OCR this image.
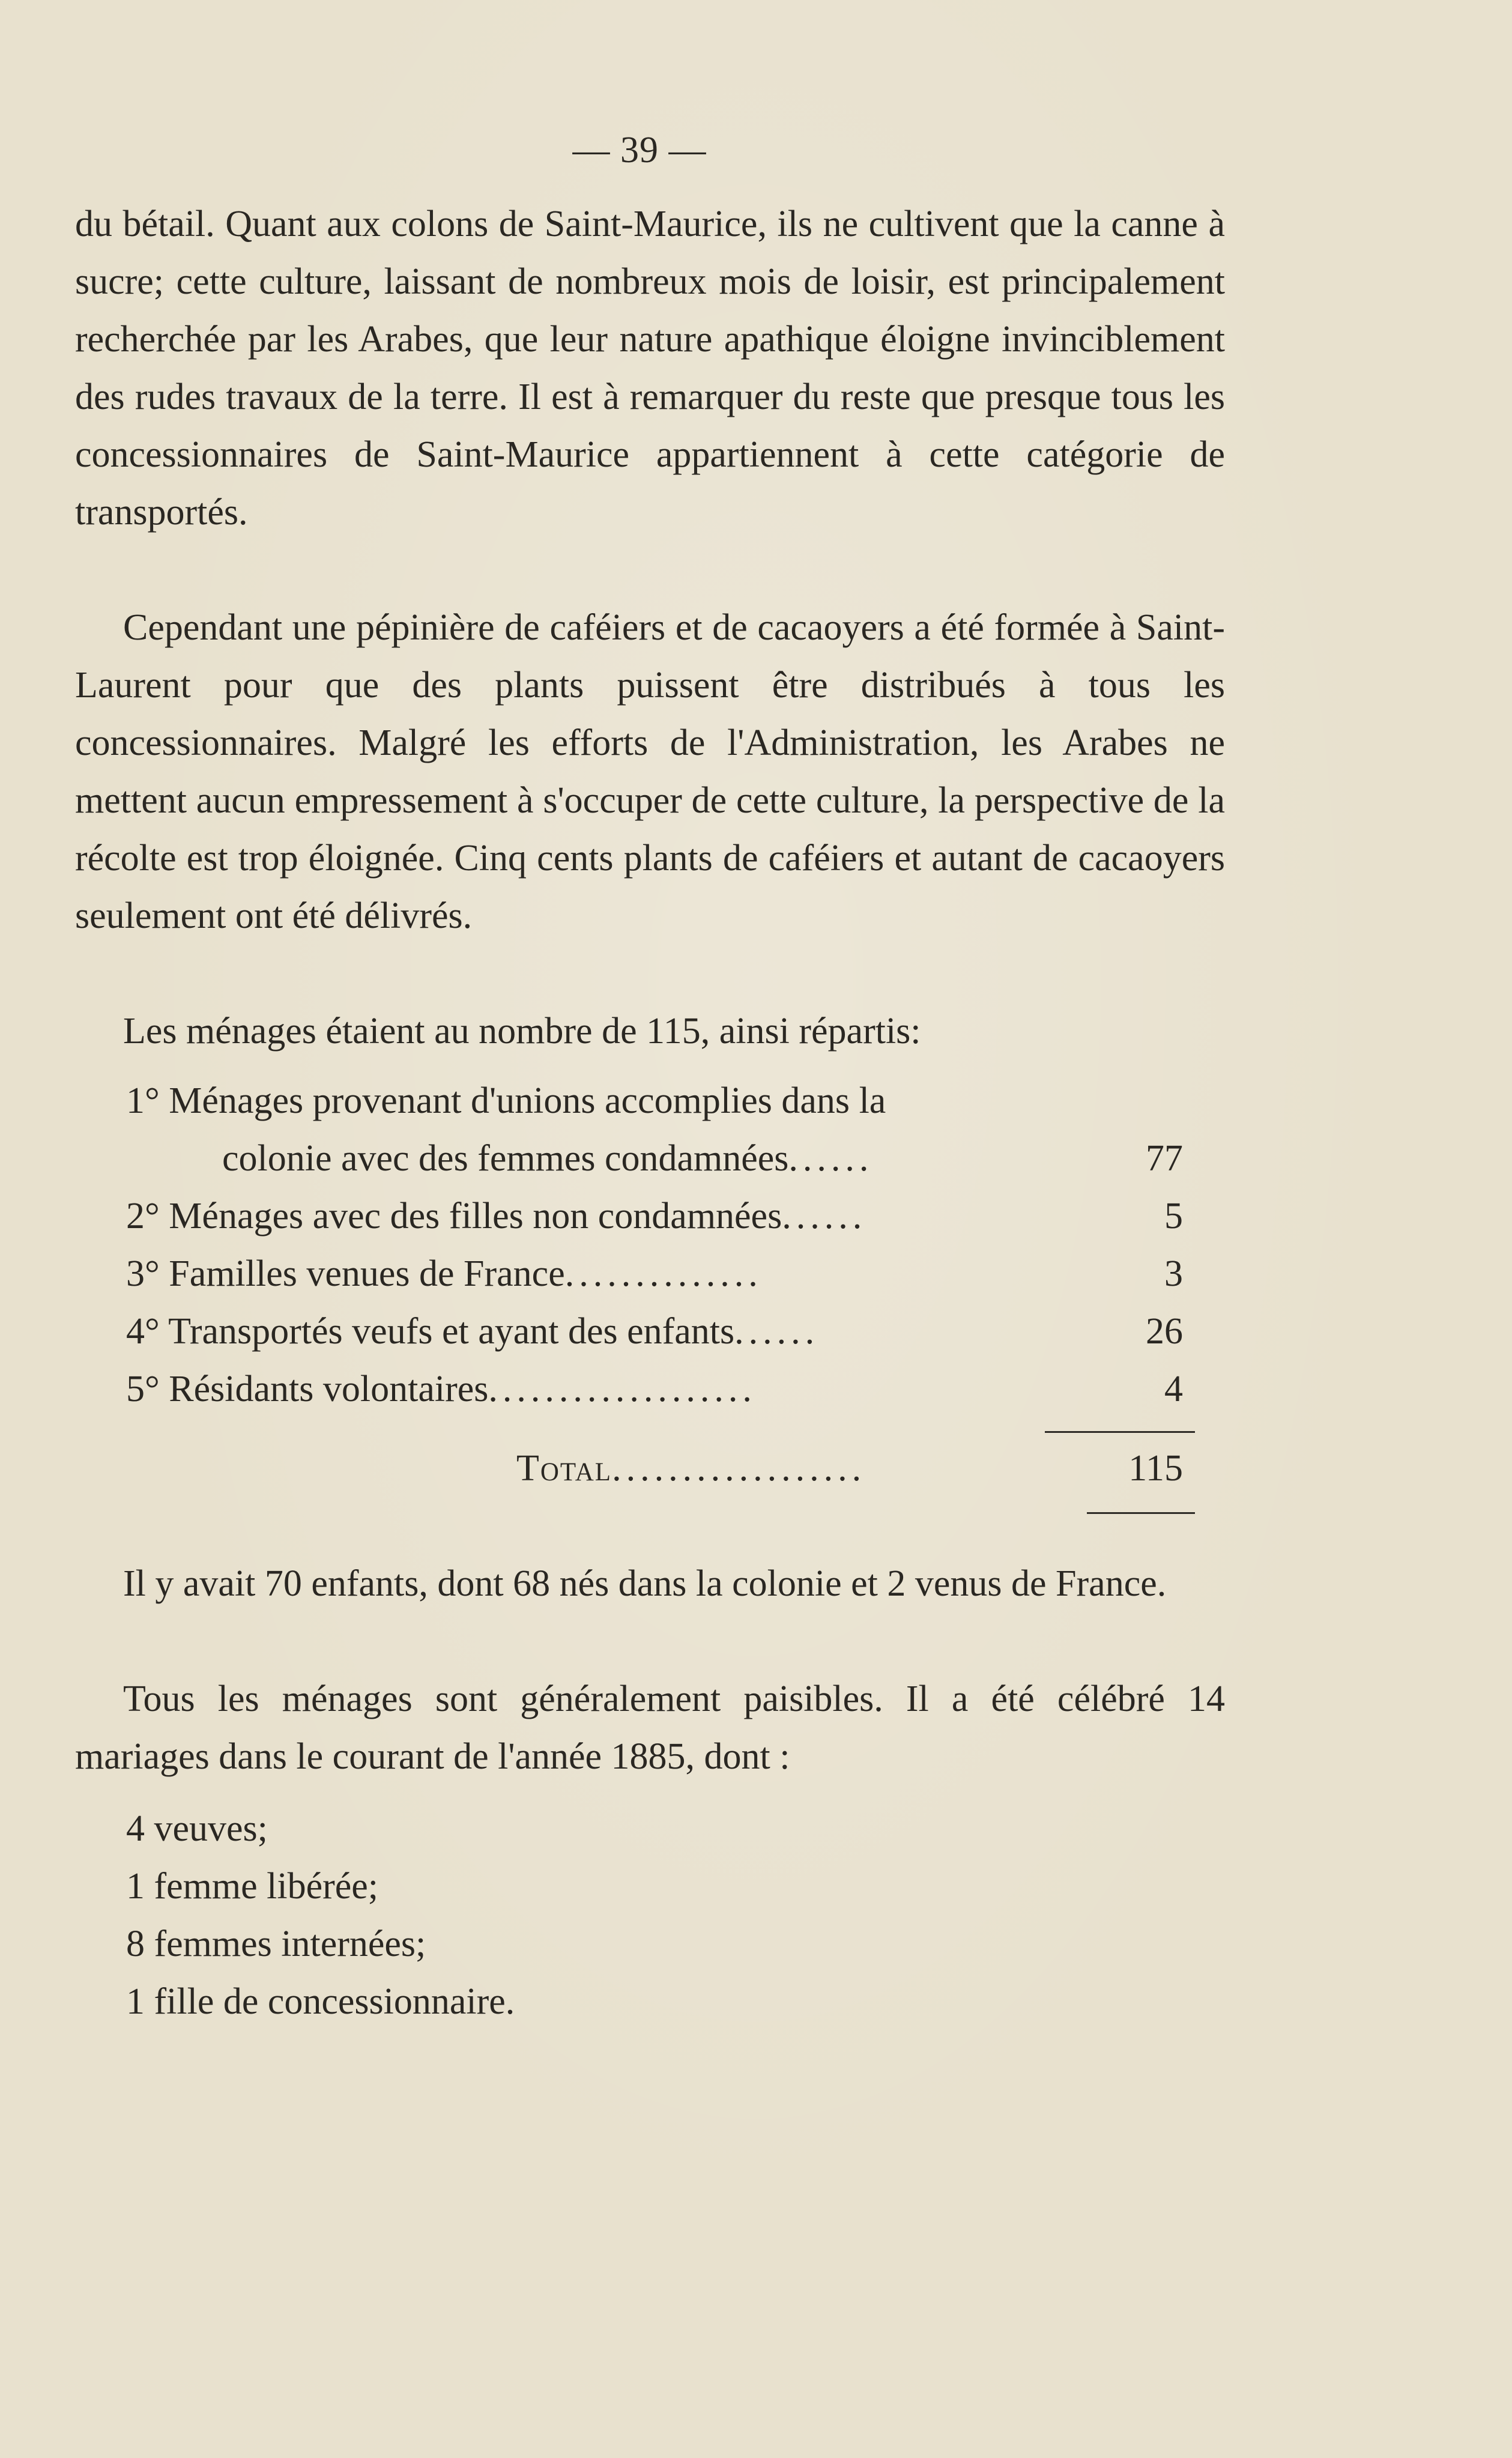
— 39 —

du bétail. Quant aux colons de Saint-Maurice, ils ne cultivent que la canne à sucre; cette culture, laissant de nombreux mois de loisir, est principalement recherchée par les Arabes, que leur nature apathique éloigne invinciblement des rudes travaux de la terre. Il est à remarquer du reste que presque tous les concessionnaires de Saint-Maurice appartiennent à cette catégorie de transportés.

Cependant une pépinière de caféiers et de cacaoyers a été formée à Saint-Laurent pour que des plants puissent être distribués à tous les concessionnaires. Malgré les efforts de l'Administration, les Arabes ne mettent aucun empressement à s'occuper de cette culture, la perspective de la récolte est trop éloignée. Cinq cents plants de caféiers et autant de cacaoyers seulement ont été délivrés.

Les ménages étaient au nombre de 115, ainsi répartis:

1° Ménages provenant d'unions accomplies dans la
colonie avec des femmes condamnées......	77
2° Ménages avec des filles non condamnées......	5
3° Familles venues de France..............	3
4° Transportés veufs et ayant des enfants......	26
5° Résidants volontaires...................	4
Total..................	115

Il y avait 70 enfants, dont 68 nés dans la colonie et 2 venus de France.

Tous les ménages sont généralement paisibles. Il a été célébré 14 mariages dans le courant de l'année 1885, dont :

4 veuves;
1 femme libérée;
8 femmes internées;
1 fille de concessionnaire.
